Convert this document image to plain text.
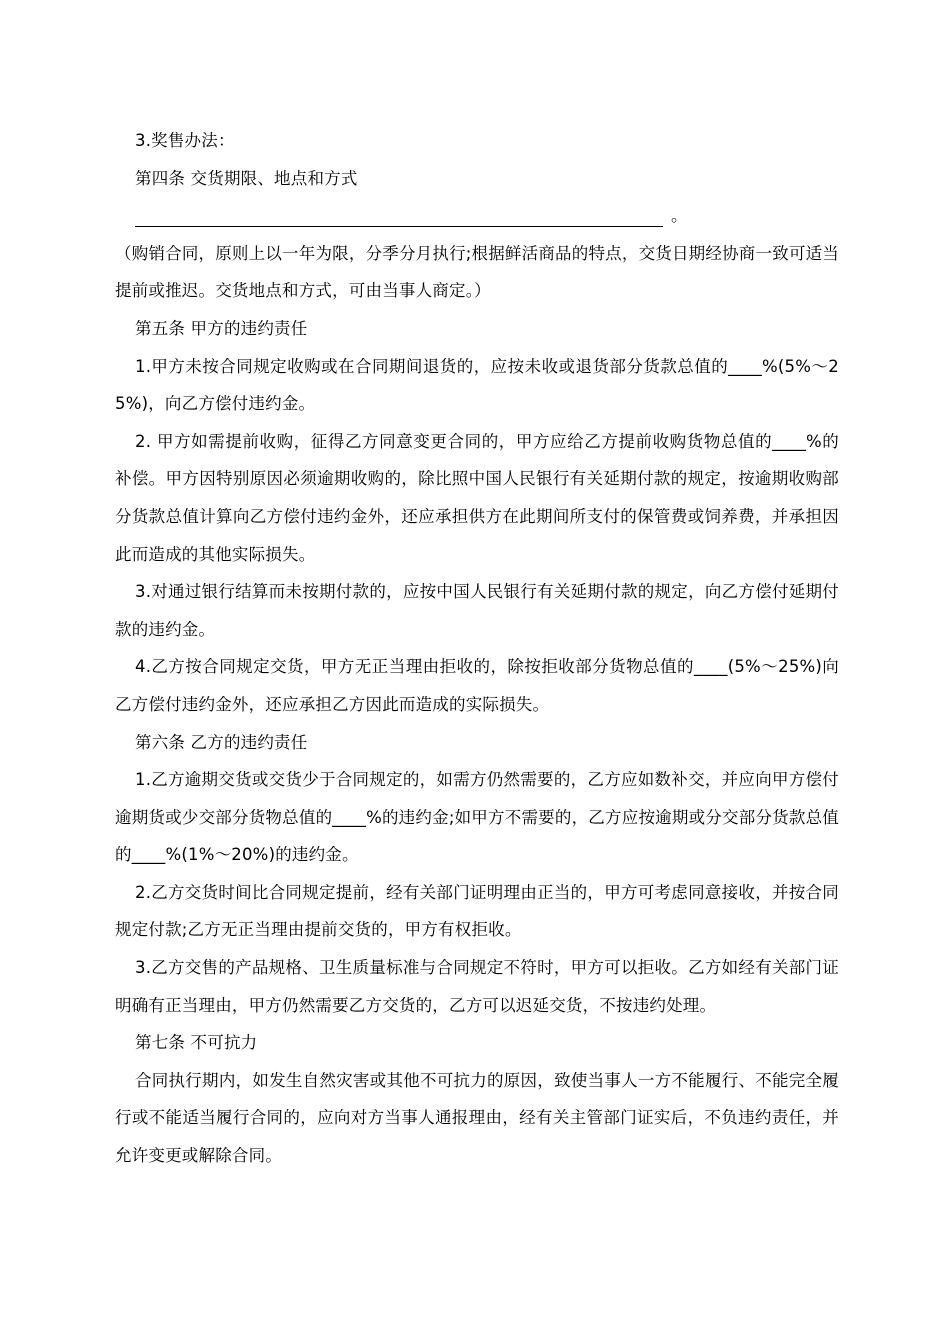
3.奖售办法：

第四条 交货期限、地点和方式

。

（购销合同，原则上以一年为限，分季分月执行;根据鲜活商品的特点，交货日期经协商一致可适当提前或推迟。交货地点和方式，可由当事人商定。）

第五条 甲方的违约责任

1.甲方未按合同规定收购或在合同期间退货的，应按未收或退货部分货款总值的____%(5%～25%)，向乙方偿付违约金。

2. 甲方如需提前收购，征得乙方同意变更合同的，甲方应给乙方提前收购货物总值的____%的补偿。甲方因特别原因必须逾期收购的，除比照中国人民银行有关延期付款的规定，按逾期收购部分货款总值计算向乙方偿付违约金外，还应承担供方在此期间所支付的保管费或饲养费，并承担因此而造成的其他实际损失。

3.对通过银行结算而未按期付款的，应按中国人民银行有关延期付款的规定，向乙方偿付延期付款的违约金。

4.乙方按合同规定交货，甲方无正当理由拒收的，除按拒收部分货物总值的____(5%～25%)向乙方偿付违约金外，还应承担乙方因此而造成的实际损失。

第六条 乙方的违约责任

1.乙方逾期交货或交货少于合同规定的，如需方仍然需要的，乙方应如数补交，并应向甲方偿付逾期货或少交部分货物总值的____%的违约金;如甲方不需要的，乙方应按逾期或分交部分货款总值的____%(1%～20%)的违约金。

2.乙方交货时间比合同规定提前，经有关部门证明理由正当的，甲方可考虑同意接收，并按合同规定付款;乙方无正当理由提前交货的，甲方有权拒收。

3.乙方交售的产品规格、卫生质量标准与合同规定不符时，甲方可以拒收。乙方如经有关部门证明确有正当理由，甲方仍然需要乙方交货的，乙方可以迟延交货，不按违约处理。

第七条 不可抗力

合同执行期内，如发生自然灾害或其他不可抗力的原因，致使当事人一方不能履行、不能完全履行或不能适当履行合同的，应向对方当事人通报理由，经有关主管部门证实后，不负违约责任，并允许变更或解除合同。
